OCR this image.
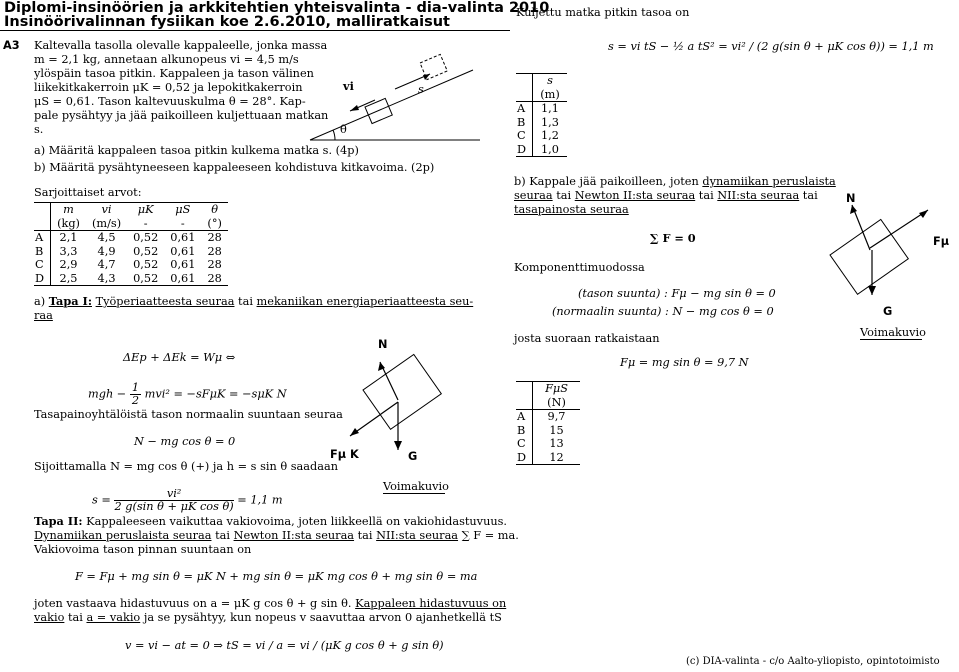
Diplomi-insinöörien ja arkkitehtien yhteisvalinta - dia-valinta 2010
Insinöörivalinnan fysiikan koe 2.6.2010, malliratkaisut
A3 Kaltevalla tasolla olevalle kappaleelle, jonka massa
m = 2,1 kg, annetaan alkunopeus vi = 4,5 m/s
ylöspäin tasoa pitkin. Kappaleen ja tason välinen
liikekitkakerroin μK = 0,52 ja lepokitkakerroin
μS = 0,61. Tason kaltevuuskulma θ = 28°. Kap-
pale pysähtyy ja jää paikoilleen kuljettuaan matkan
s.
vi	s
θ
a) Määritä kappaleen tasoa pitkin kulkema matka s. (4p)
b) Määritä pysähtyneeseen kappaleeseen kohdistuva kitkavoima. (2p)
Sarjoittaiset arvot:
	m	vi	μK	μS	θ
	(kg)	(m/s)	-	-	(°)
A	2,1	4,5	0,52	0,61	28
B	3,3	4,9	0,52	0,61	28
C	2,9	4,7	0,52	0,61	28
D	2,5	4,3	0,52	0,61	28
a) Tapa I: Työperiaatteesta seuraa tai mekaniikan energiaperiaatteesta seu-
raa
ΔEp + ΔEk = Wμ ⇔
mgh − $\frac{1}{2} mvi^2 = -sF\mu K = -s\mu K$ N
Tasapainoyhtälöistä tason normaalin suuntaan seuraa
N − mg cos θ = 0
Sijoittamalla N = mg cos θ (+) ja h = s sin θ saadaan
N
Fμ K	G
Voimakuvio
$s = \frac{\text{vi²}}{\text{2 g(sin θ + μK cos θ)}} = 1,1$ m
Tapa II: Kappaleeseen vaikuttaa vakiovoima, joten liikkeellä on vakiohidastuvuus.
Dynamiikan peruslaista seuraa tai Newton II:sta seuraa tai NII:sta seuraa ∑ F = ma.
Vakiovoima tason pinnan suuntaan on
F = Fμ + mg sin θ = μK N + mg sin θ = μK mg cos θ + mg sin θ = ma
joten vastaava hidastuvuus on a = μK g cos θ + g sin θ. Kappaleen hidastuvuus on
vakio tai a = vakio ja se pysähtyy, kun nopeus v saavuttaa arvon 0 ajanhetkellä tS
v = vi − at = 0 ⇒ tS = vi / a = vi / (μK g cos θ + g sin θ)
Kuljettu matka pitkin tasoa on
s = vi tS − ½ a tS² = vi² / (2 g(sin θ + μK cos θ)) = 1,1 m
	s
	(m)
A	1,1
B	1,3
C	1,2
D	1,0
b) Kappale jää paikoilleen, joten dynamiikan peruslaista
seuraa tai Newton II:sta seuraa tai NII:sta seuraa tai
tasapainosta seuraa
∑ F = 0
Komponenttimuodossa
N
Fμ
G
Voimakuvio
(tason suunta) : Fμ − mg sin θ = 0
(normaalin suunta) : N − mg cos θ = 0
josta suoraan ratkaistaan
Fμ = mg sin θ = 9,7 N
	FμS
	(N)
A	9,7
B	15
C	13
D	12
(c) DIA-valinta - c/o Aalto-yliopisto, opintotoimisto
